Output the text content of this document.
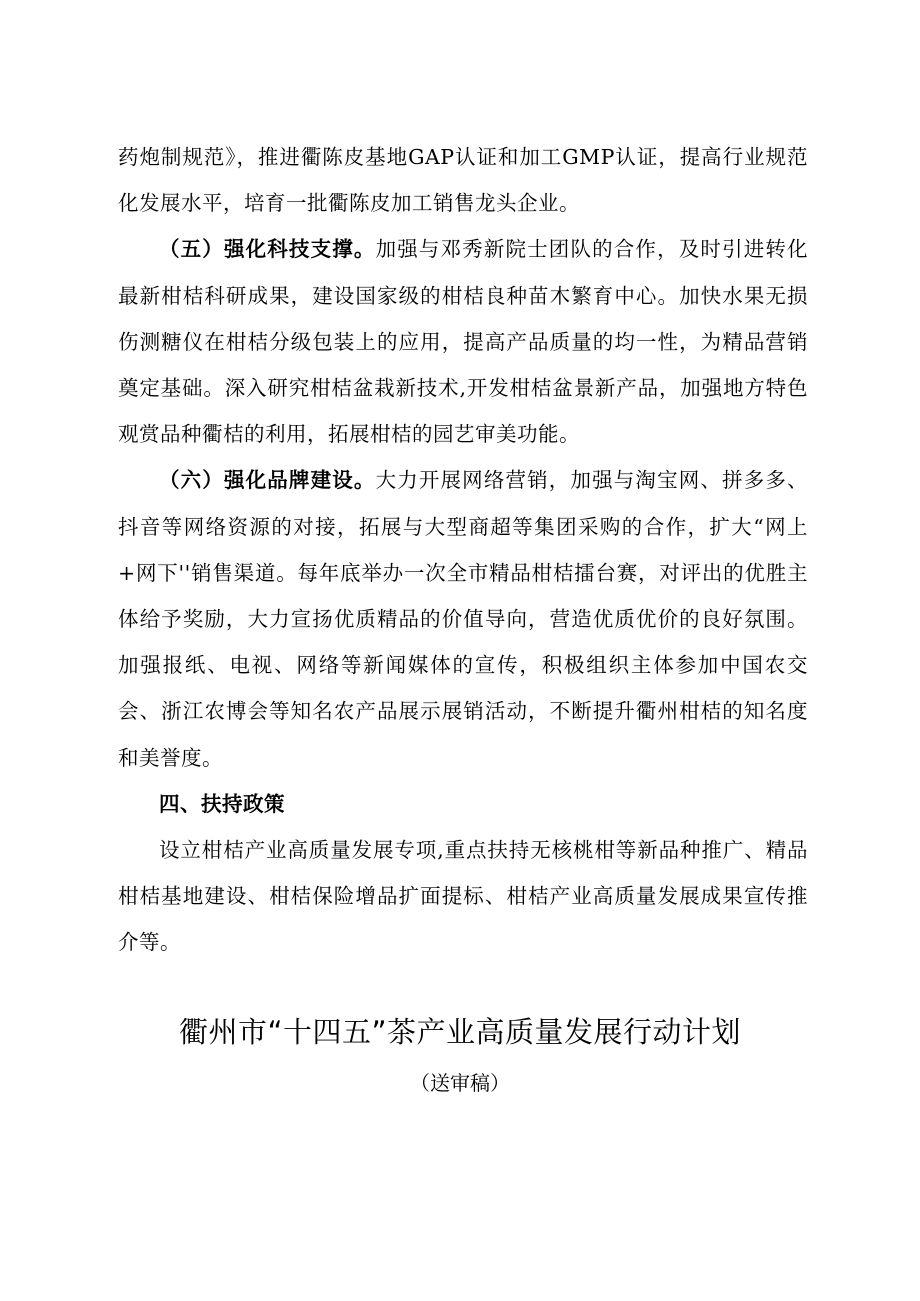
药炮制规范》，推进衢陈皮基地GAP认证和加工GMP认证，提高行业规范化发展水平，培育一批衢陈皮加工销售龙头企业。

（五）强化科技支撑。加强与邓秀新院士团队的合作，及时引进转化最新柑桔科研成果，建设国家级的柑桔良种苗木繁育中心。加快水果无损伤测糖仪在柑桔分级包装上的应用，提高产品质量的均一性，为精品营销奠定基础。深入研究柑桔盆栽新技术,开发柑桔盆景新产品，加强地方特色观赏品种衢桔的利用，拓展柑桔的园艺审美功能。

（六）强化品牌建设。大力开展网络营销，加强与淘宝网、拼多多、抖音等网络资源的对接，拓展与大型商超等集团采购的合作，扩大“网上+网下''销售渠道。每年底举办一次全市精品柑桔擂台赛，对评出的优胜主体给予奖励，大力宣扬优质精品的价值导向，营造优质优价的良好氛围。加强报纸、电视、网络等新闻媒体的宣传，积极组织主体参加中国农交会、浙江农博会等知名农产品展示展销活动，不断提升衢州柑桔的知名度和美誉度。

四、扶持政策

设立柑桔产业高质量发展专项,重点扶持无核桃柑等新品种推广、精品柑桔基地建设、柑桔保险增品扩面提标、柑桔产业高质量发展成果宣传推介等。

衢州市“十四五”茶产业高质量发展行动计划
（送审稿）
